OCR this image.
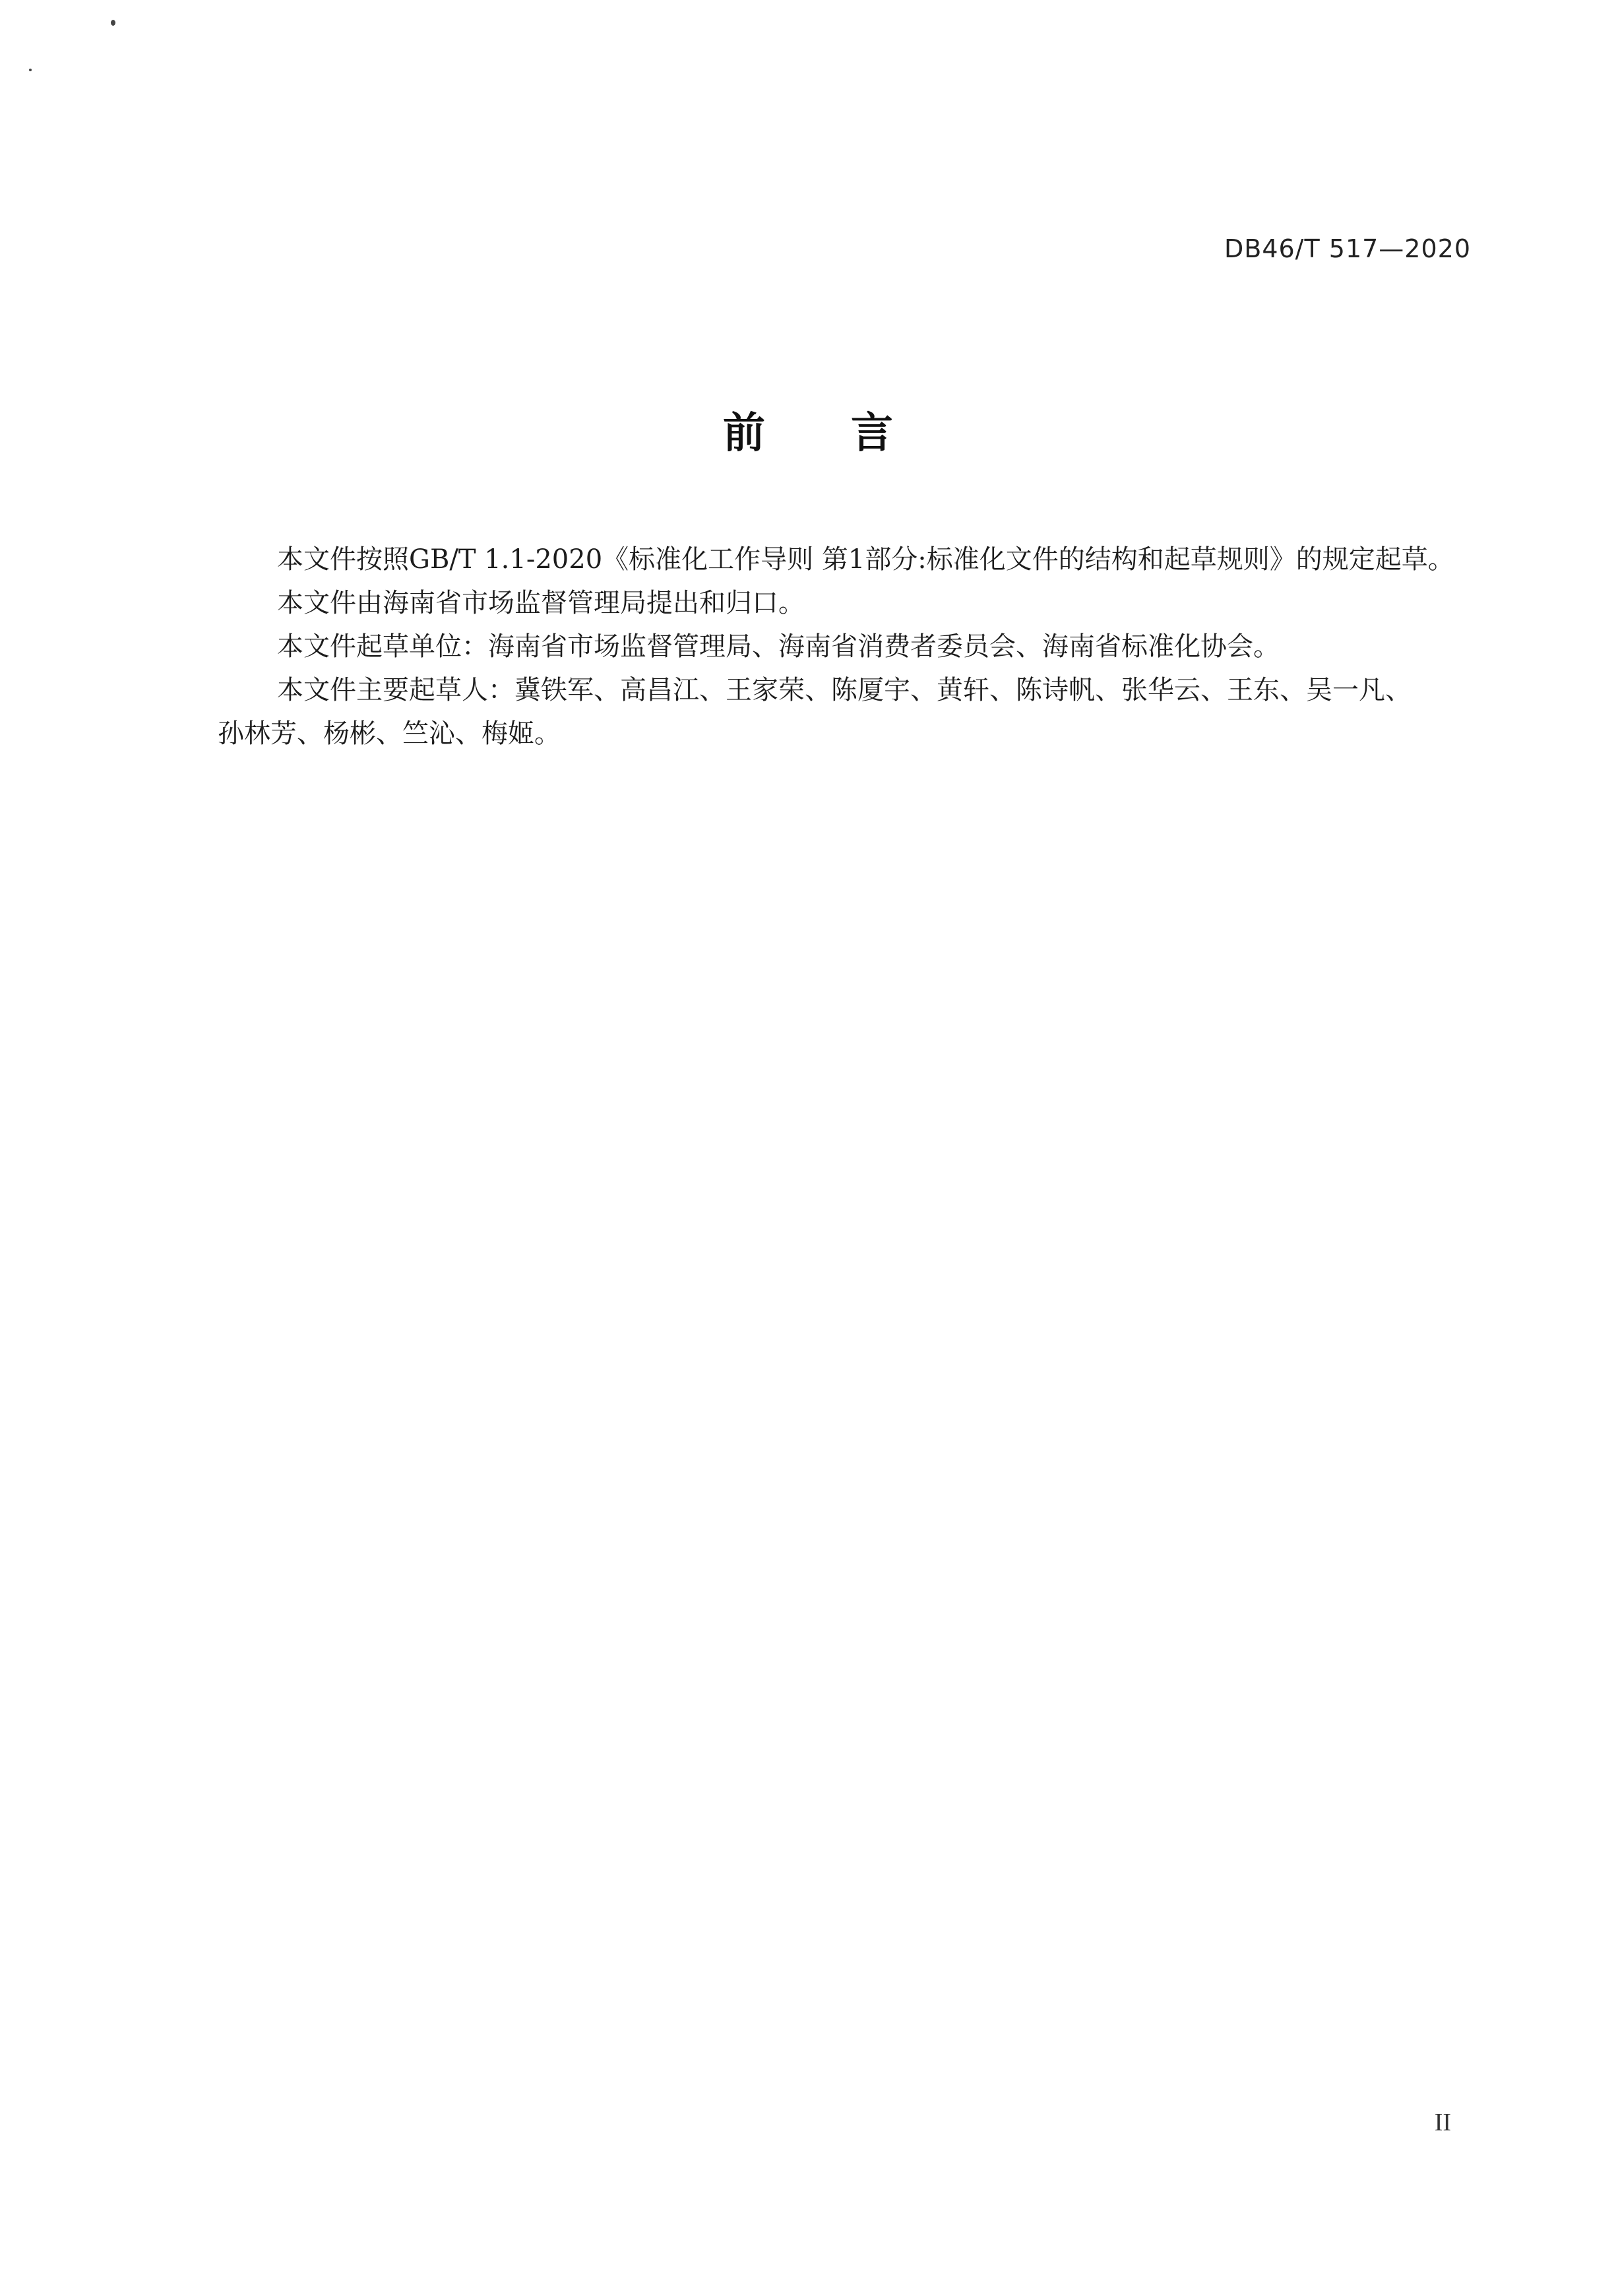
DB46/T 517—2020
前 言

本文件按照GB/T 1.1-2020《标准化工作导则 第1部分:标准化文件的结构和起草规则》的规定起草。

本文件由海南省市场监督管理局提出和归口。

本文件起草单位：海南省市场监督管理局、海南省消费者委员会、海南省标准化协会。

本文件主要起草人：冀铁军、高昌江、王家荣、陈厦宇、黄轩、陈诗帆、张华云、王东、吴一凡、

孙林芳、杨彬、竺沁、梅姬。

II
